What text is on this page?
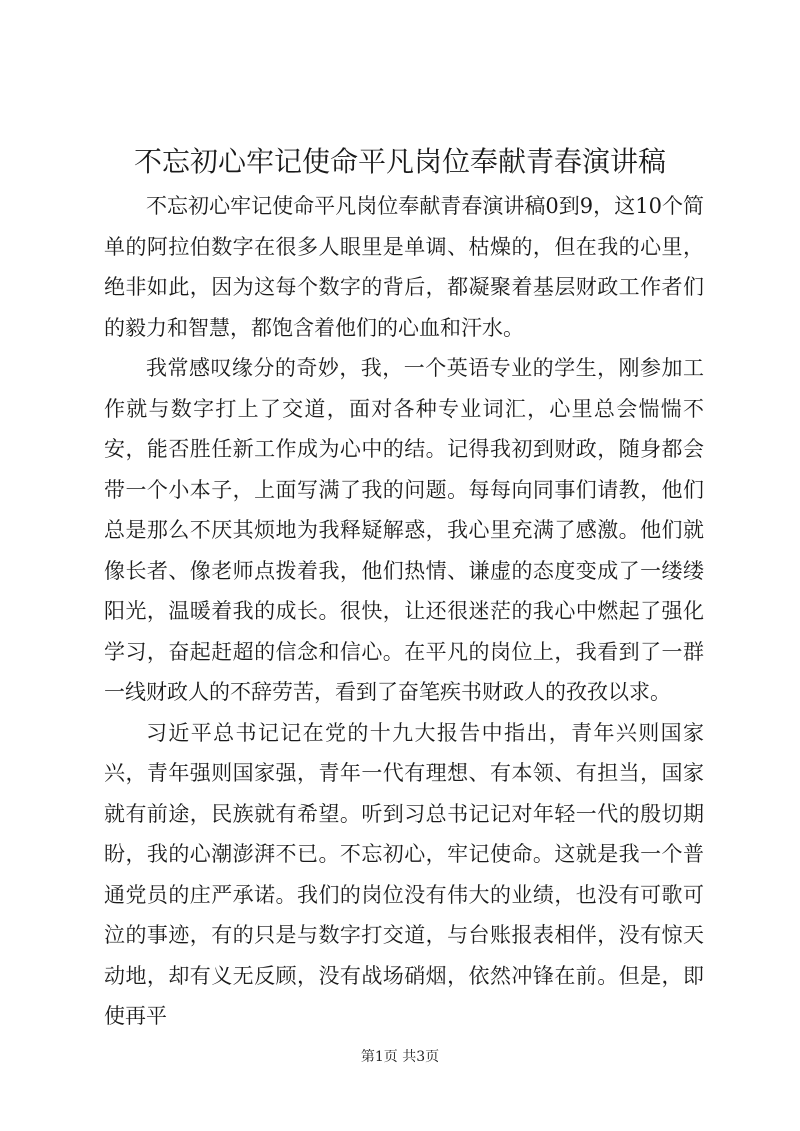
不忘初心牢记使命平凡岗位奉献青春演讲稿

不忘初心牢记使命平凡岗位奉献青春演讲稿0到9，这10个简单的阿拉伯数字在很多人眼里是单调、枯燥的，但在我的心里，绝非如此，因为这每个数字的背后，都凝聚着基层财政工作者们的毅力和智慧，都饱含着他们的心血和汗水。

我常感叹缘分的奇妙，我，一个英语专业的学生，刚参加工作就与数字打上了交道，面对各种专业词汇，心里总会惴惴不安，能否胜任新工作成为心中的结。记得我初到财政，随身都会带一个小本子，上面写满了我的问题。每每向同事们请教，他们总是那么不厌其烦地为我释疑解惑，我心里充满了感激。他们就像长者、像老师点拨着我，他们热情、谦虚的态度变成了一缕缕阳光，温暖着我的成长。很快，让还很迷茫的我心中燃起了强化学习，奋起赶超的信念和信心。在平凡的岗位上，我看到了一群一线财政人的不辞劳苦，看到了奋笔疾书财政人的孜孜以求。

习近平总书记记在党的十九大报告中指出，青年兴则国家兴，青年强则国家强，青年一代有理想、有本领、有担当，国家就有前途，民族就有希望。听到习总书记记对年轻一代的殷切期盼，我的心潮澎湃不已。不忘初心，牢记使命。这就是我一个普通党员的庄严承诺。我们的岗位没有伟大的业绩，也没有可歌可泣的事迹，有的只是与数字打交道，与台账报表相伴，没有惊天动地，却有义无反顾，没有战场硝烟，依然冲锋在前。但是，即使再平

第1页 共3页
